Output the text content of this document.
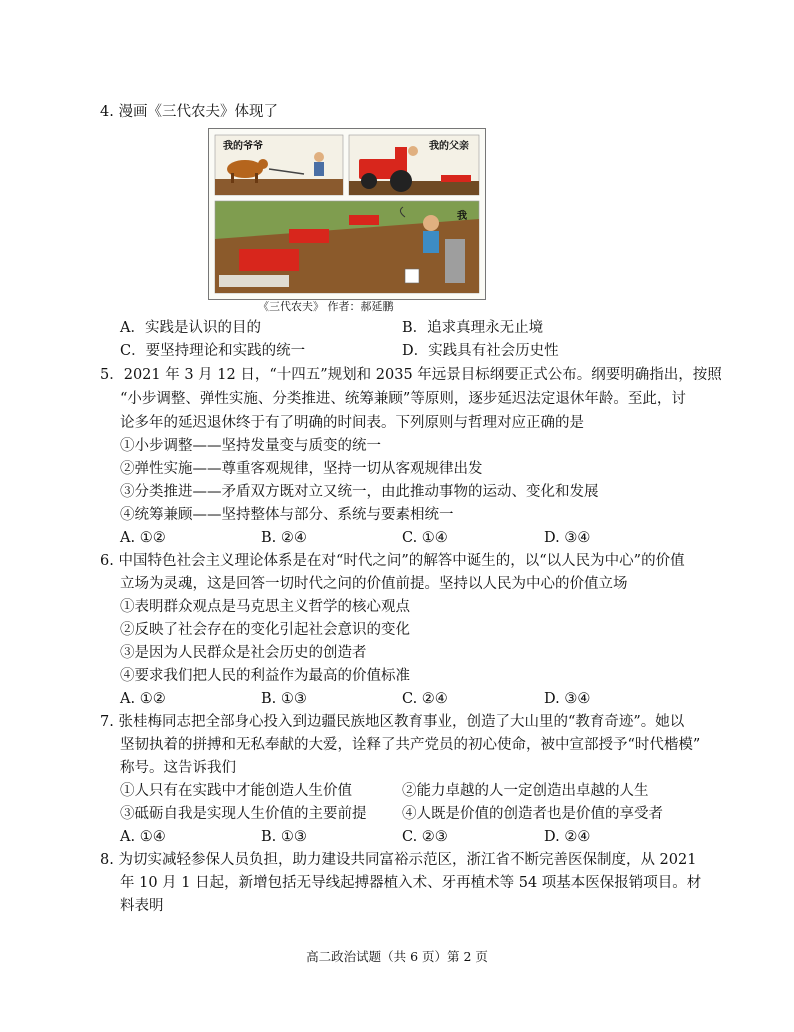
4. 漫画《三代农夫》体现了
我的爷爷	我的父亲
我
《三代农夫》 作者：郝延鹏
A．实践是认识的目的	B．追求真理永无止境
C．要坚持理论和实践的统一	D．实践具有社会历史性
5．2021 年 3 月 12 日，“十四五”规划和 2035 年远景目标纲要正式公布。纲要明确指出，按照
“小步调整、弹性实施、分类推进、统筹兼顾”等原则，逐步延迟法定退休年龄。至此，讨
论多年的延迟退休终于有了明确的时间表。下列原则与哲理对应正确的是
①小步调整——坚持发量变与质变的统一
②弹性实施——尊重客观规律，坚持一切从客观规律出发
③分类推进——矛盾双方既对立又统一，由此推动事物的运动、变化和发展
④统筹兼顾——坚持整体与部分、系统与要素相统一
A. ①②	B. ②④	C. ①④	D. ③④
6. 中国特色社会主义理论体系是在对“时代之问”的解答中诞生的，以“以人民为中心”的价值
立场为灵魂，这是回答一切时代之问的价值前提。坚持以人民为中心的价值立场
①表明群众观点是马克思主义哲学的核心观点
②反映了社会存在的变化引起社会意识的变化
③是因为人民群众是社会历史的创造者
④要求我们把人民的利益作为最高的价值标准
A. ①②	B. ①③	C. ②④	D. ③④
7. 张桂梅同志把全部身心投入到边疆民族地区教育事业，创造了大山里的“教育奇迹”。她以
坚韧执着的拼搏和无私奉献的大爱，诠释了共产党员的初心使命，被中宣部授予“时代楷模”
称号。这告诉我们
①人只有在实践中才能创造人生价值	②能力卓越的人一定创造出卓越的人生
③砥砺自我是实现人生价值的主要前提 ④人既是价值的创造者也是价值的享受者
A. ①④	B. ①③	C. ②③	D. ②④
8. 为切实减轻参保人员负担，助力建设共同富裕示范区，浙江省不断完善医保制度，从 2021
年 10 月 1 日起，新增包括无导线起搏器植入术、牙再植术等 54 项基本医保报销项目。材
料表明
高二政治试题（共 6 页）第 2 页
